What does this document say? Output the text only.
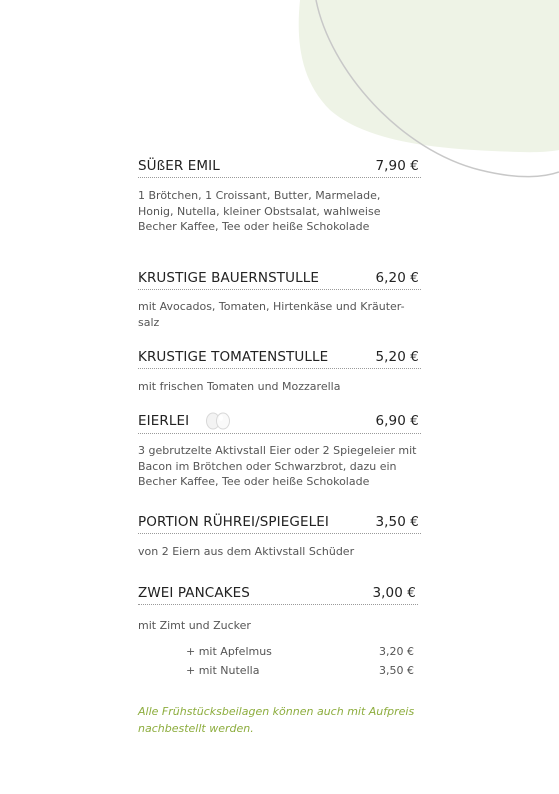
SÜßER EMIL	7,90 €
1 Brötchen, 1 Croissant, Butter, Marmelade, Honig, Nutella, kleiner Obstsalat, wahlweise Becher Kaffee, Tee oder heiße Schokolade
KRUSTIGE BAUERNSTULLE	6,20 €
mit Avocados, Tomaten, Hirtenkäse und Kräuter-salz
KRUSTIGE TOMATENSTULLE	5,20 €
mit frischen Tomaten und Mozzarella
EIERLEI	6,90 €
3 gebrutzelte Aktivstall Eier oder 2 Spiegeleier mit Bacon im Brötchen oder Schwarzbrot, dazu ein Becher Kaffee, Tee oder heiße Schokolade
PORTION RÜHREI/SPIEGELEI	3,50 €
von 2 Eiern aus dem Aktivstall Schüder
ZWEI PANCAKES	3,00 €
mit Zimt und Zucker
+ mit Apfelmus	3,20 €
+ mit Nutella	3,50 €
Alle Frühstücksbeilagen können auch mit Aufpreis nachbestellt werden.
